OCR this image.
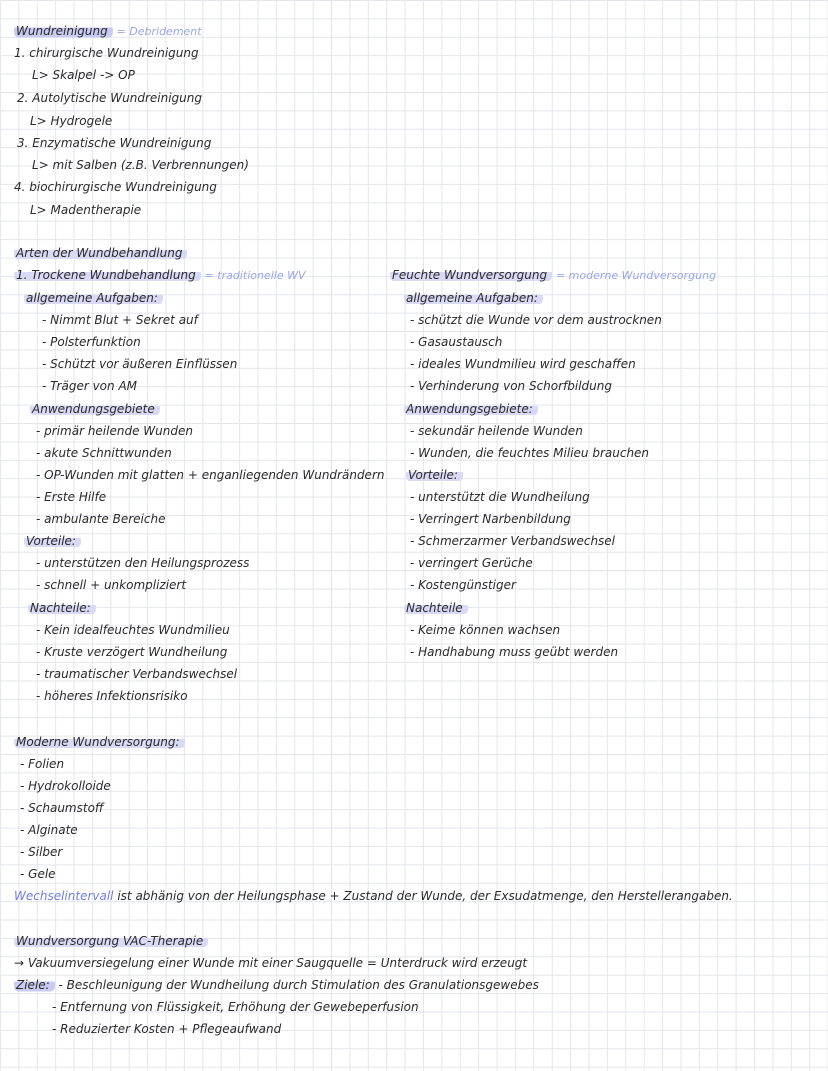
Wundreinigung = Debridement
1. chirurgische Wundreinigung
L> Skalpel -> OP
2. Autolytische Wundreinigung
L> Hydrogele
3. Enzymatische Wundreinigung
L> mit Salben (z.B. Verbrennungen)
4. biochirurgische Wundreinigung
L> Madentherapie
Arten der Wundbehandlung
1. Trockene Wundbehandlung = traditionelle WV
allgemeine Aufgaben:
- Nimmt Blut + Sekret auf
- Polsterfunktion
- Schützt vor äußeren Einflüssen
- Träger von AM
Anwendungsgebiete
- primär heilende Wunden
- akute Schnittwunden
- OP-Wunden mit glatten + enganliegenden Wundrändern
- Erste Hilfe
- ambulante Bereiche
Vorteile:
- unterstützen den Heilungsprozess
- schnell + unkompliziert
Nachteile:
- Kein idealfeuchtes Wundmilieu
- Kruste verzögert Wundheilung
- traumatischer Verbandswechsel
- höheres Infektionsrisiko
Feuchte Wundversorgung = moderne Wundversorgung
allgemeine Aufgaben:
- schützt die Wunde vor dem austrocknen
- Gasaustausch
- ideales Wundmilieu wird geschaffen
- Verhinderung von Schorfbildung
Anwendungsgebiete:
- sekundär heilende Wunden
- Wunden, die feuchtes Milieu brauchen
Vorteile:
- unterstützt die Wundheilung
- Verringert Narbenbildung
- Schmerzarmer Verbandswechsel
- verringert Gerüche
- Kostengünstiger
Nachteile
- Keime können wachsen
- Handhabung muss geübt werden
Moderne Wundversorgung:
- Folien
- Hydrokolloide
- Schaumstoff
- Alginate
- Silber
- Gele
Wechselintervall ist abhänig von der Heilungsphase + Zustand der Wunde, der Exsudatmenge, den Herstellerangaben.
Wundversorgung VAC-Therapie
→ Vakuumversiegelung einer Wunde mit einer Saugquelle = Unterdruck wird erzeugt
Ziele: - Beschleunigung der Wundheilung durch Stimulation des Granulationsgewebes
- Entfernung von Flüssigkeit, Erhöhung der Gewebeperfusion
- Reduzierter Kosten + Pflegeaufwand
